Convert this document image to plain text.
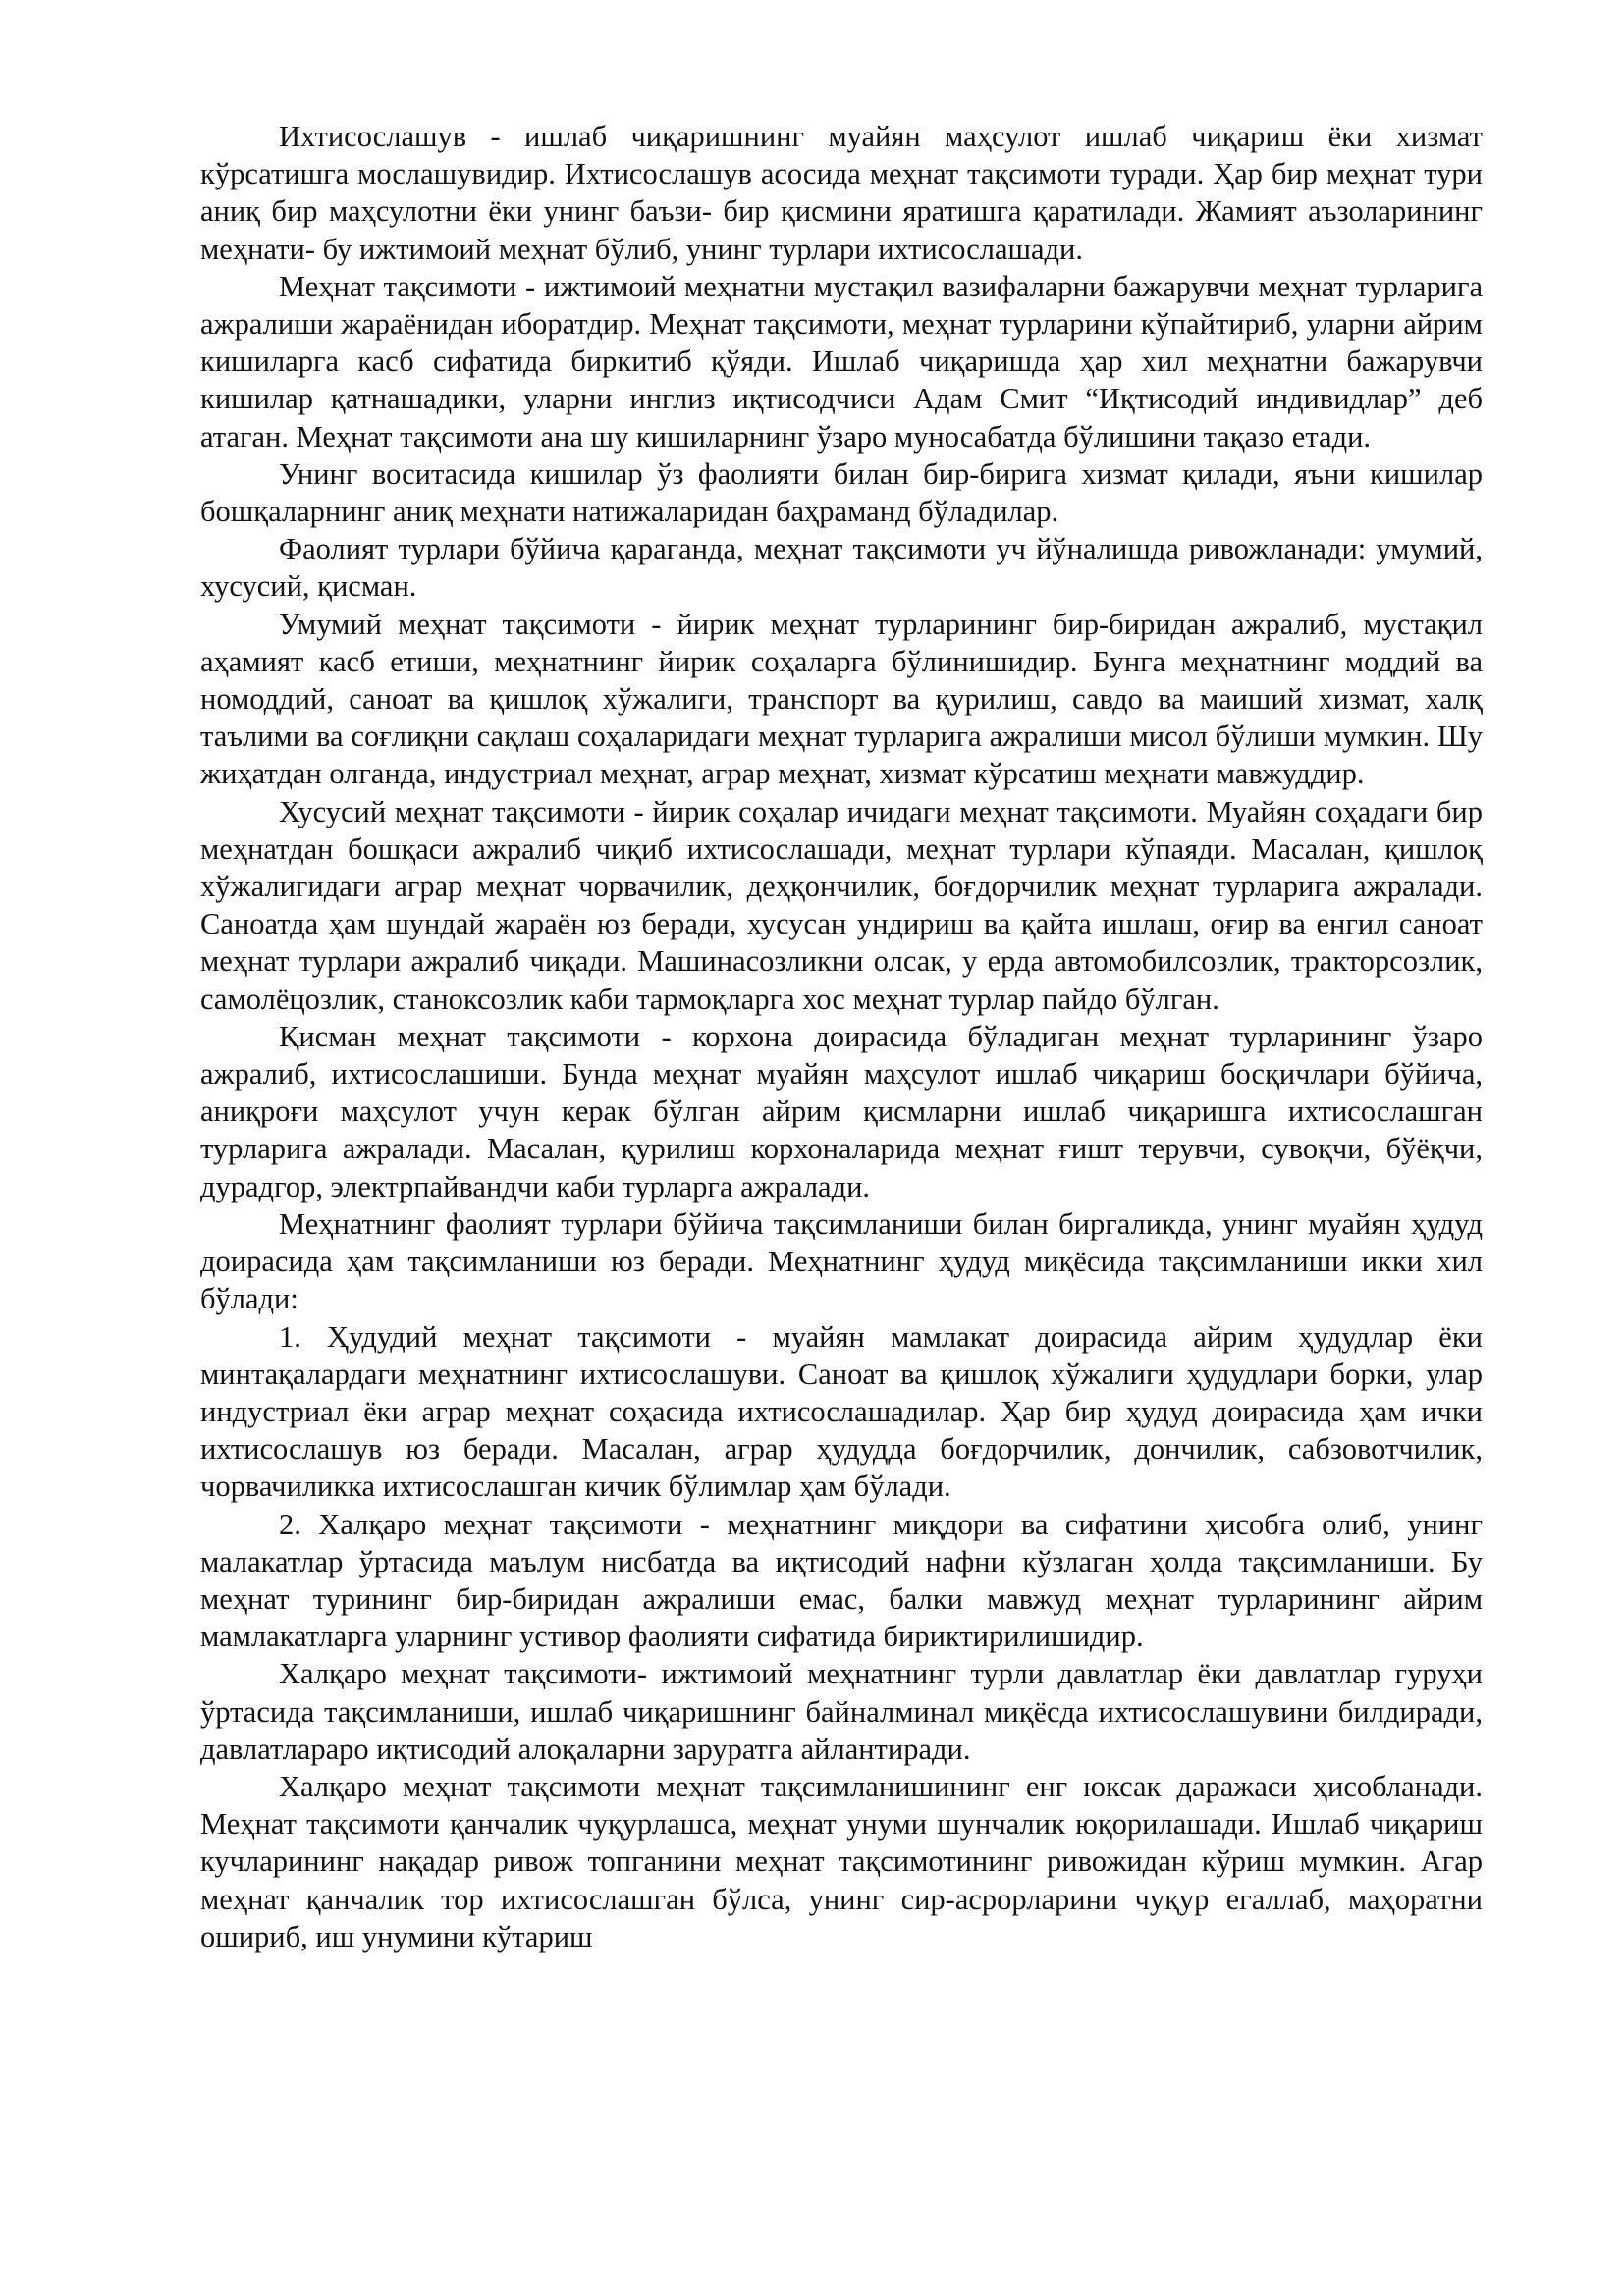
Ихтисослашув - ишлаб чиқаришнинг муайян маҳсулот ишлаб чиқариш ёки хизмат кўрсатишга мослашувидир. Ихтисослашув асосида меҳнат тақсимоти туради. Ҳар бир меҳнат тури аниқ бир маҳсулотни ёки унинг баъзи- бир қисмини яратишга қаратилади. Жамият аъзоларининг меҳнати- бу ижтимоий меҳнат бўлиб, унинг турлари ихтисослашади.

Меҳнат тақсимоти - ижтимоий меҳнатни мустақил вазифаларни бажарувчи меҳнат турларига ажралиши жараёнидан иборатдир. Меҳнат тақсимоти, меҳнат турларини кўпайтириб, уларни айрим кишиларга касб сифатида биркитиб қўяди. Ишлаб чиқаришда ҳар хил меҳнатни бажарувчи кишилар қатнашадики, уларни инглиз иқтисодчиси Адам Смит “Иқтисодий индивидлар” деб атаган. Меҳнат тақсимоти ана шу кишиларнинг ўзаро муносабатда бўлишини тақазо етади.

Унинг воситасида кишилар ўз фаолияти билан бир-бирига хизмат қилади, яъни кишилар бошқаларнинг аниқ меҳнати натижаларидан баҳраманд бўладилар.

Фаолият турлари бўйича қараганда, меҳнат тақсимоти уч йўналишда ривожланади: умумий, хусусий, қисман.

Умумий меҳнат тақсимоти - йирик меҳнат турларининг бир-биридан ажралиб, мустақил аҳамият касб етиши, меҳнатнинг йирик соҳаларга бўлинишидир. Бунга меҳнатнинг моддий ва номоддий, саноат ва қишлоқ хўжалиги, транспорт ва қурилиш, савдо ва маиший хизмат, халқ таълими ва соғлиқни сақлаш соҳаларидаги меҳнат турларига ажралиши мисол бўлиши мумкин. Шу жиҳатдан олганда, индустриал меҳнат, аграр меҳнат, хизмат кўрсатиш меҳнати мавжуддир.

Хусусий меҳнат тақсимоти - йирик соҳалар ичидаги меҳнат тақсимоти. Муайян соҳадаги бир меҳнатдан бошқаси ажралиб чиқиб ихтисослашади, меҳнат турлари кўпаяди. Масалан, қишлоқ хўжалигидаги аграр меҳнат чорвачилик, деҳқончилик, боғдорчилик меҳнат турларига ажралади. Саноатда ҳам шундай жараён юз беради, хусусан ундириш ва қайта ишлаш, оғир ва енгил саноат меҳнат турлари ажралиб чиқади. Машинасозликни олсак, у ерда автомобилсозлик, тракторсозлик, самолёцозлик, станоксозлик каби тармоқларга хос меҳнат турлар пайдо бўлган.

Қисман меҳнат тақсимоти - корхона доирасида бўладиган меҳнат турларининг ўзаро ажралиб, ихтисослашиши. Бунда меҳнат муайян маҳсулот ишлаб чиқариш босқичлари бўйича, аниқроғи маҳсулот учун керак бўлган айрим қисмларни ишлаб чиқаришга ихтисослашган турларига ажралади. Масалан, қурилиш корхоналарида меҳнат ғишт терувчи, сувоқчи, бўёқчи, дурадгор, электрпайвандчи каби турларга ажралади.

Меҳнатнинг фаолият турлари бўйича тақсимланиши билан биргаликда, унинг муайян ҳудуд доирасида ҳам тақсимланиши юз беради. Меҳнатнинг ҳудуд миқёсида тақсимланиши икки хил бўлади:

1. Ҳудудий меҳнат тақсимоти - муайян мамлакат доирасида айрим ҳудудлар ёки минтақалардаги меҳнатнинг ихтисослашуви. Саноат ва қишлоқ хўжалиги ҳудудлари борки, улар индустриал ёки аграр меҳнат соҳасида ихтисослашадилар. Ҳар бир ҳудуд доирасида ҳам ички ихтисослашув юз беради. Масалан, аграр ҳудудда боғдорчилик, дончилик, сабзовотчилик, чорвачиликка ихтисослашган кичик бўлимлар ҳам бўлади.

2. Халқаро меҳнат тақсимоти - меҳнатнинг миқдори ва сифатини ҳисобга олиб, унинг малакатлар ўртасида маълум нисбатда ва иқтисодий нафни кўзлаган ҳолда тақсимланиши. Бу меҳнат турининг бир-биридан ажралиши емас, балки мавжуд меҳнат турларининг айрим мамлакатларга уларнинг устивор фаолияти сифатида бириктирилишидир.

Халқаро меҳнат тақсимоти- ижтимоий меҳнатнинг турли давлатлар ёки давлатлар гуруҳи ўртасида тақсимланиши, ишлаб чиқаришнинг байналминал миқёсда ихтисослашувини билдиради, давлатлараро иқтисодий алоқаларни заруратга айлантиради.

Халқаро меҳнат тақсимоти меҳнат тақсимланишининг енг юксак даражаси ҳисобланади. Меҳнат тақсимоти қанчалик чуқурлашса, меҳнат унуми шунчалик юқорилашади. Ишлаб чиқариш кучларининг нақадар ривож топганини меҳнат тақсимотининг ривожидан кўриш мумкин. Агар меҳнат қанчалик тор ихтисослашган бўлса, унинг сир-асрорларини чуқур егаллаб, маҳоратни ошириб, иш унумини кўтариш
